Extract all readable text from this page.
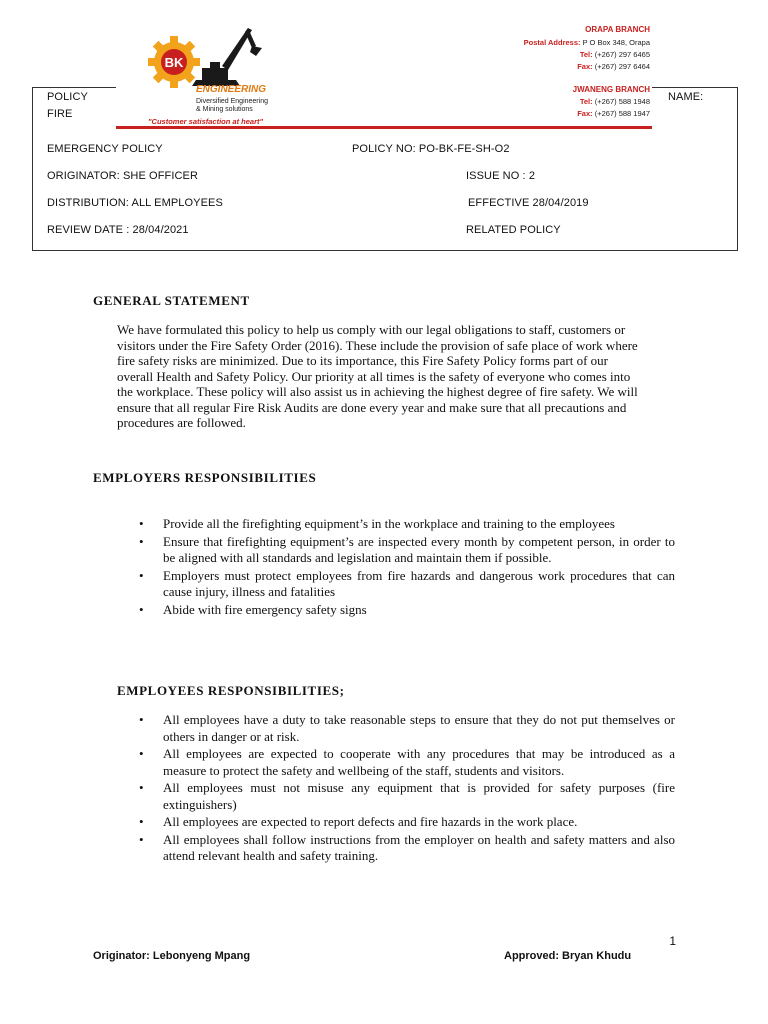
POLICY
FIRE
NAME:
EMERGENCY POLICY	POLICY NO: PO-BK-FE-SH-O2
ORIGINATOR: SHE OFFICER	ISSUE NO : 2
DISTRIBUTION: ALL EMPLOYEES	EFFECTIVE 28/04/2019
REVIEW DATE : 28/04/2021	RELATED POLICY
BK
ENGINEERING
Diversified Engineering
& Mining solutions
"Customer satisfaction at heart"
ORAPA BRANCH
Postal Address: P O Box 348, Orapa
Tel: (+267) 297 6465
Fax: (+267) 297 6464
JWANENG BRANCH
Tel: (+267) 588 1948
Fax: (+267) 588 1947
GENERAL STATEMENT
We have formulated this policy to help us comply with our legal obligations to staff, customers or visitors under the Fire Safety Order (2016). These include the provision of safe place of work where fire safety risks are minimized. Due to its importance, this Fire Safety Policy forms part of our overall Health and Safety Policy. Our priority at all times is the safety of everyone who comes into the workplace. These policy will also assist us in achieving the highest degree of fire safety. We will ensure that all regular Fire Risk Audits are done every year and make sure that all precautions and procedures are followed.
EMPLOYERS RESPONSIBILITIES
• Provide all the firefighting equipment’s in the workplace and training to the employees
• Ensure that firefighting equipment’s are inspected every month by competent person, in order to be aligned with all standards and legislation and maintain them if possible.
• Employers must protect employees from fire hazards and dangerous work procedures that can cause injury, illness and fatalities
• Abide with fire emergency safety signs
EMPLOYEES RESPONSIBILITIES;
• All employees have a duty to take reasonable steps to ensure that they do not put themselves or others in danger or at risk.
• All employees are expected to cooperate with any procedures that may be introduced as a measure to protect the safety and wellbeing of the staff, students and visitors.
• All employees must not misuse any equipment that is provided for safety purposes (fire extinguishers)
• All employees are expected to report defects and fire hazards in the work place.
• All employees shall follow instructions from the employer on health and safety matters and also attend relevant health and safety training.
1
Originator: Lebonyeng Mpang	Approved: Bryan Khudu
